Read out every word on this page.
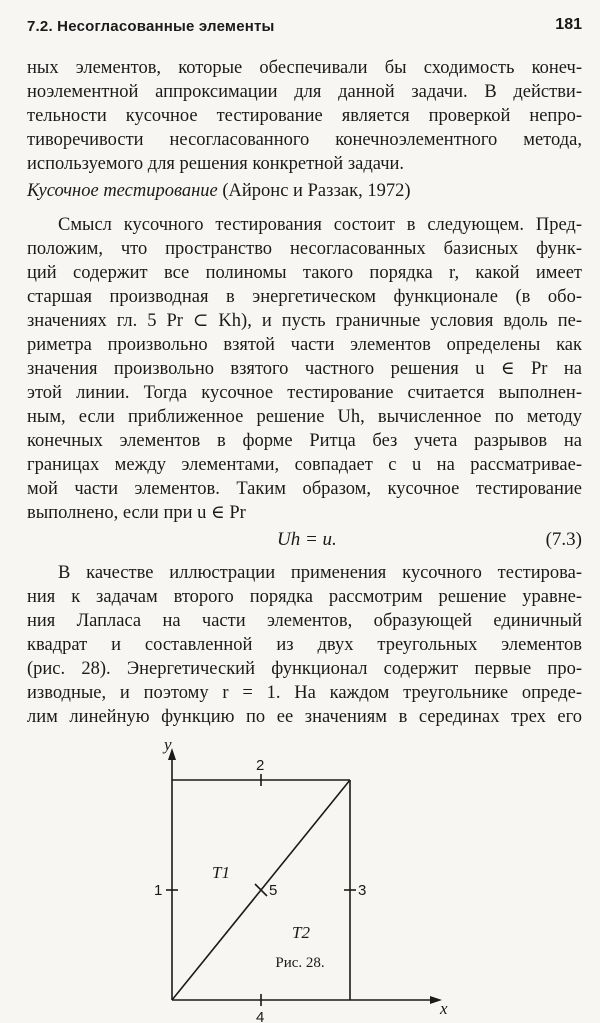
7.2. Несогласованные элементы	181
ных элементов, которые обеспечивали бы сходимость конеч-
ноэлементной аппроксимации для данной задачи. В действи-
тельности кусочное тестирование является проверкой непро-
тиворечивости несогласованного конечноэлементного метода,
используемого для решения конкретной задачи.
Кусочное тестирование (Айронс и Раззак, 1972)
Смысл кусочного тестирования состоит в следующем. Пред-
положим, что пространство несогласованных базисных функ-
ций содержит все полиномы такого порядка r, какой имеет
старшая производная в энергетическом функционале (в обо-
значениях гл. 5 Pr ⊂ Kh), и пусть граничные условия вдоль пе-
риметра произвольно взятой части элементов определены как
значения произвольно взятого частного решения u ∈ Pr на
этой линии. Тогда кусочное тестирование считается выполнен-
ным, если приближенное решение Uh, вычисленное по методу
конечных элементов в форме Ритца без учета разрывов на
границах между элементами, совпадает с u на рассматривае-
мой части элементов. Таким образом, кусочное тестирование
выполнено, если при u ∈ Pr
Uh = u.	(7.3)
В качестве иллюстрации применения кусочного тестирова-
ния к задачам второго порядка рассмотрим решение уравне-
ния Лапласа на части элементов, образующей единичный
квадрат и составленной из двух треугольных элементов
(рис. 28). Энергетический функционал содержит первые про-
изводные, и поэтому r = 1. На каждом треугольнике опреде-
лим линейную функцию по ее значениям в серединах трех его
y
x
2
1	3
4
5
T1
T2
Рис. 28.
